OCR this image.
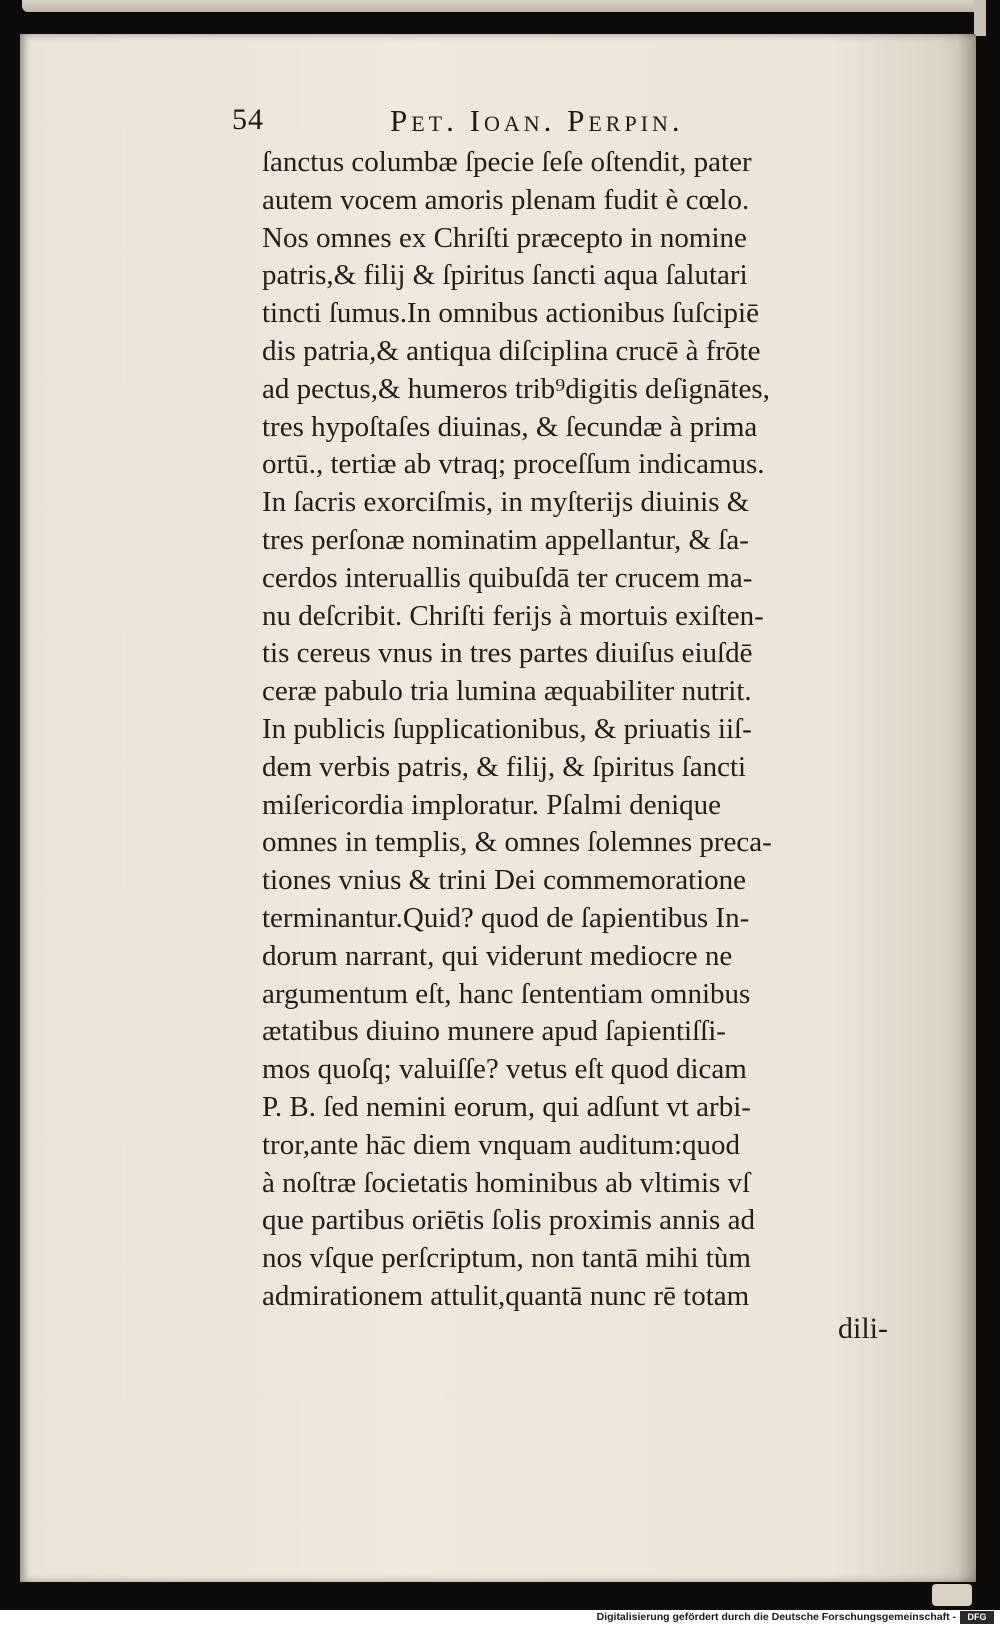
54	Pet. Ioan. Perpin.
ſanctus columbæ ſpecie ſeſe oſtendit, pater
autem vocem amoris plenam fudit è cœlo.
Nos omnes ex Chriſti præcepto in nomine
patris,& filij & ſpiritus ſancti aqua ſalutari
tincti ſumus.In omnibus actionibus ſuſcipiē
dis patria,& antiqua diſciplina crucē à frōte
ad pectus,& humeros trib⁹digitis deſignātes,
tres hypoſtaſes diuinas, & ſecundæ à prima
ortū., tertiæ ab vtraq; proceſſum indicamus.
In ſacris exorciſmis, in myſterijs diuinis &
tres perſonæ nominatim appellantur, & ſa-
cerdos interuallis quibuſdā ter crucem ma-
nu deſcribit. Chriſti ferijs à mortuis exiſten-
tis cereus vnus in tres partes diuiſus eiuſdē
ceræ pabulo tria lumina æquabiliter nutrit.
In publicis ſupplicationibus, & priuatis iiſ-
dem verbis patris, & filij, & ſpiritus ſancti
miſericordia imploratur. Pſalmi denique
omnes in templis, & omnes ſolemnes preca-
tiones vnius & trini Dei commemoratione
terminantur.Quid? quod de ſapientibus In-
dorum narrant, qui viderunt mediocre ne
argumentum eſt, hanc ſententiam omnibus
ætatibus diuino munere apud ſapientiſſi-
mos quoſq; valuiſſe? vetus eſt quod dicam
P. B. ſed nemini eorum, qui adſunt vt arbi-
tror,ante hāc diem vnquam auditum:quod
à noſtræ ſocietatis hominibus ab vltimis vſ
que partibus oriētis ſolis proximis annis ad
nos vſque perſcriptum, non tantā mihi tùm
admirationem attulit,quantā nunc rē totam
dili-
Digitalisierung gefördert durch die Deutsche Forschungsgemeinschaft -	DFG
